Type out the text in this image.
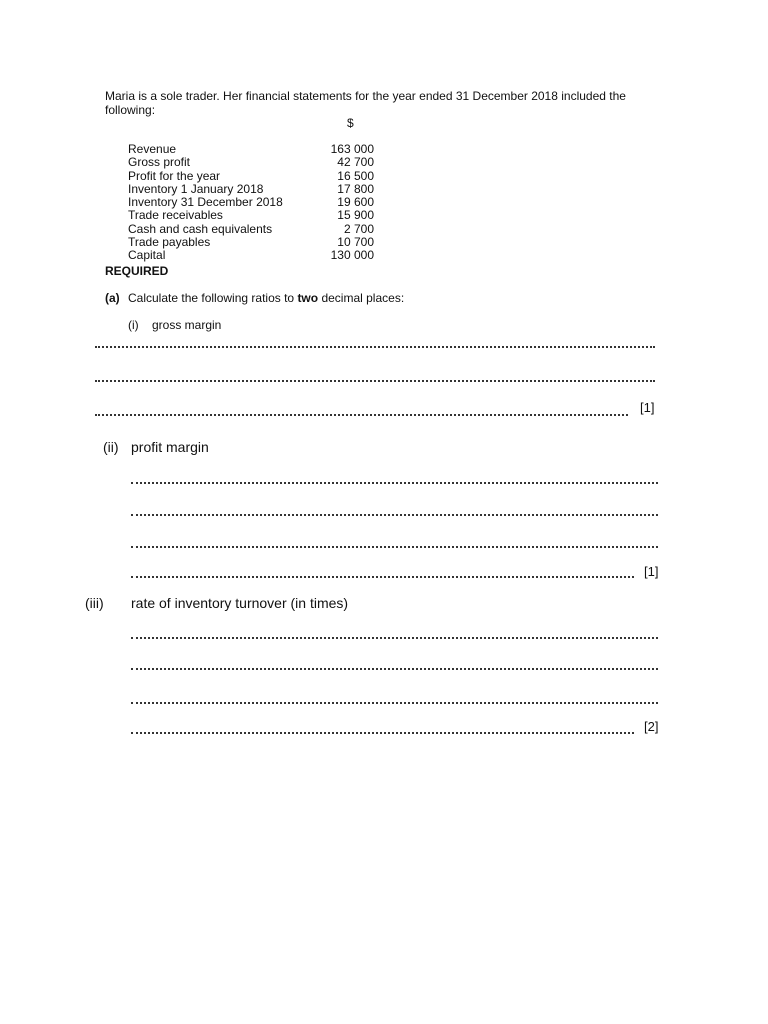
Maria is a sole trader. Her financial statements for the year ended 31 December 2018 included the following:
$
Revenue	163 000
Gross profit	42 700
Profit for the year	16 500
Inventory 1 January 2018	17 800
Inventory 31 December 2018	19 600
Trade receivables	15 900
Cash and cash equivalents	2 700
Trade payables	10 700
Capital	130 000
REQUIRED
(a) Calculate the following ratios to two decimal places:
(i) gross margin
[1]
(ii) profit margin
[1]
(iii) rate of inventory turnover (in times)
[2]
